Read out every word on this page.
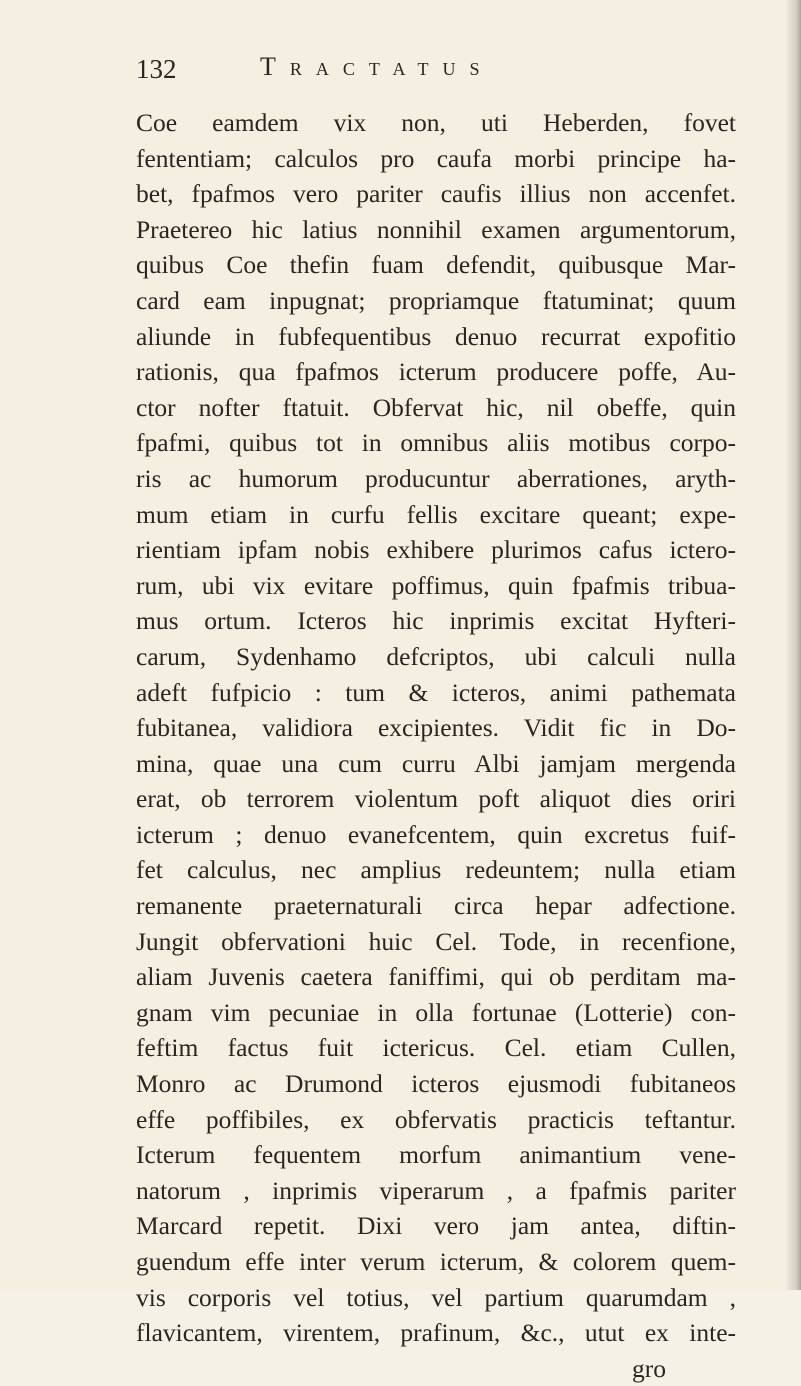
132	Tractatus
Coe eamdem vix non, uti Heberden, fovet
fententiam; calculos pro caufa morbi principe ha-
bet, fpafmos vero pariter caufis illius non accenfet.
Praetereo hic latius nonnihil examen argumentorum,
quibus Coe thefin fuam defendit, quibusque Mar-
card eam inpugnat; propriamque ftatuminat; quum
aliunde in fubfequentibus denuo recurrat expofitio
rationis, qua fpafmos icterum producere poffe, Au-
ctor nofter ftatuit. Obfervat hic, nil obeffe, quin
fpafmi, quibus tot in omnibus aliis motibus corpo-
ris ac humorum producuntur aberrationes, aryth-
mum etiam in curfu fellis excitare queant; expe-
rientiam ipfam nobis exhibere plurimos cafus ictero-
rum, ubi vix evitare poffimus, quin fpafmis tribua-
mus ortum. Icteros hic inprimis excitat Hyfteri-
carum, Sydenhamo defcriptos, ubi calculi nulla
adeft fufpicio : tum & icteros, animi pathemata
fubitanea, validiora excipientes. Vidit fic in Do-
mina, quae una cum curru Albi jamjam mergenda
erat, ob terrorem violentum poft aliquot dies oriri
icterum ; denuo evanefcentem, quin excretus fuif-
fet calculus, nec amplius redeuntem; nulla etiam
remanente praeternaturali circa hepar adfectione.
Jungit obfervationi huic Cel. Tode, in recenfione,
aliam Juvenis caetera faniffimi, qui ob perditam ma-
gnam vim pecuniae in olla fortunae (Lotterie) con-
feftim factus fuit ictericus. Cel. etiam Cullen,
Monro ac Drumond icteros ejusmodi fubitaneos
effe poffibiles, ex obfervatis practicis teftantur.
Icterum fequentem morfum animantium vene-
natorum , inprimis viperarum , a fpafmis pariter
Marcard repetit. Dixi vero jam antea, diftin-
guendum effe inter verum icterum, & colorem quem-
vis corporis vel totius, vel partium quarumdam ,
flavicantem, virentem, prafinum, &c., utut ex inte-
gro
